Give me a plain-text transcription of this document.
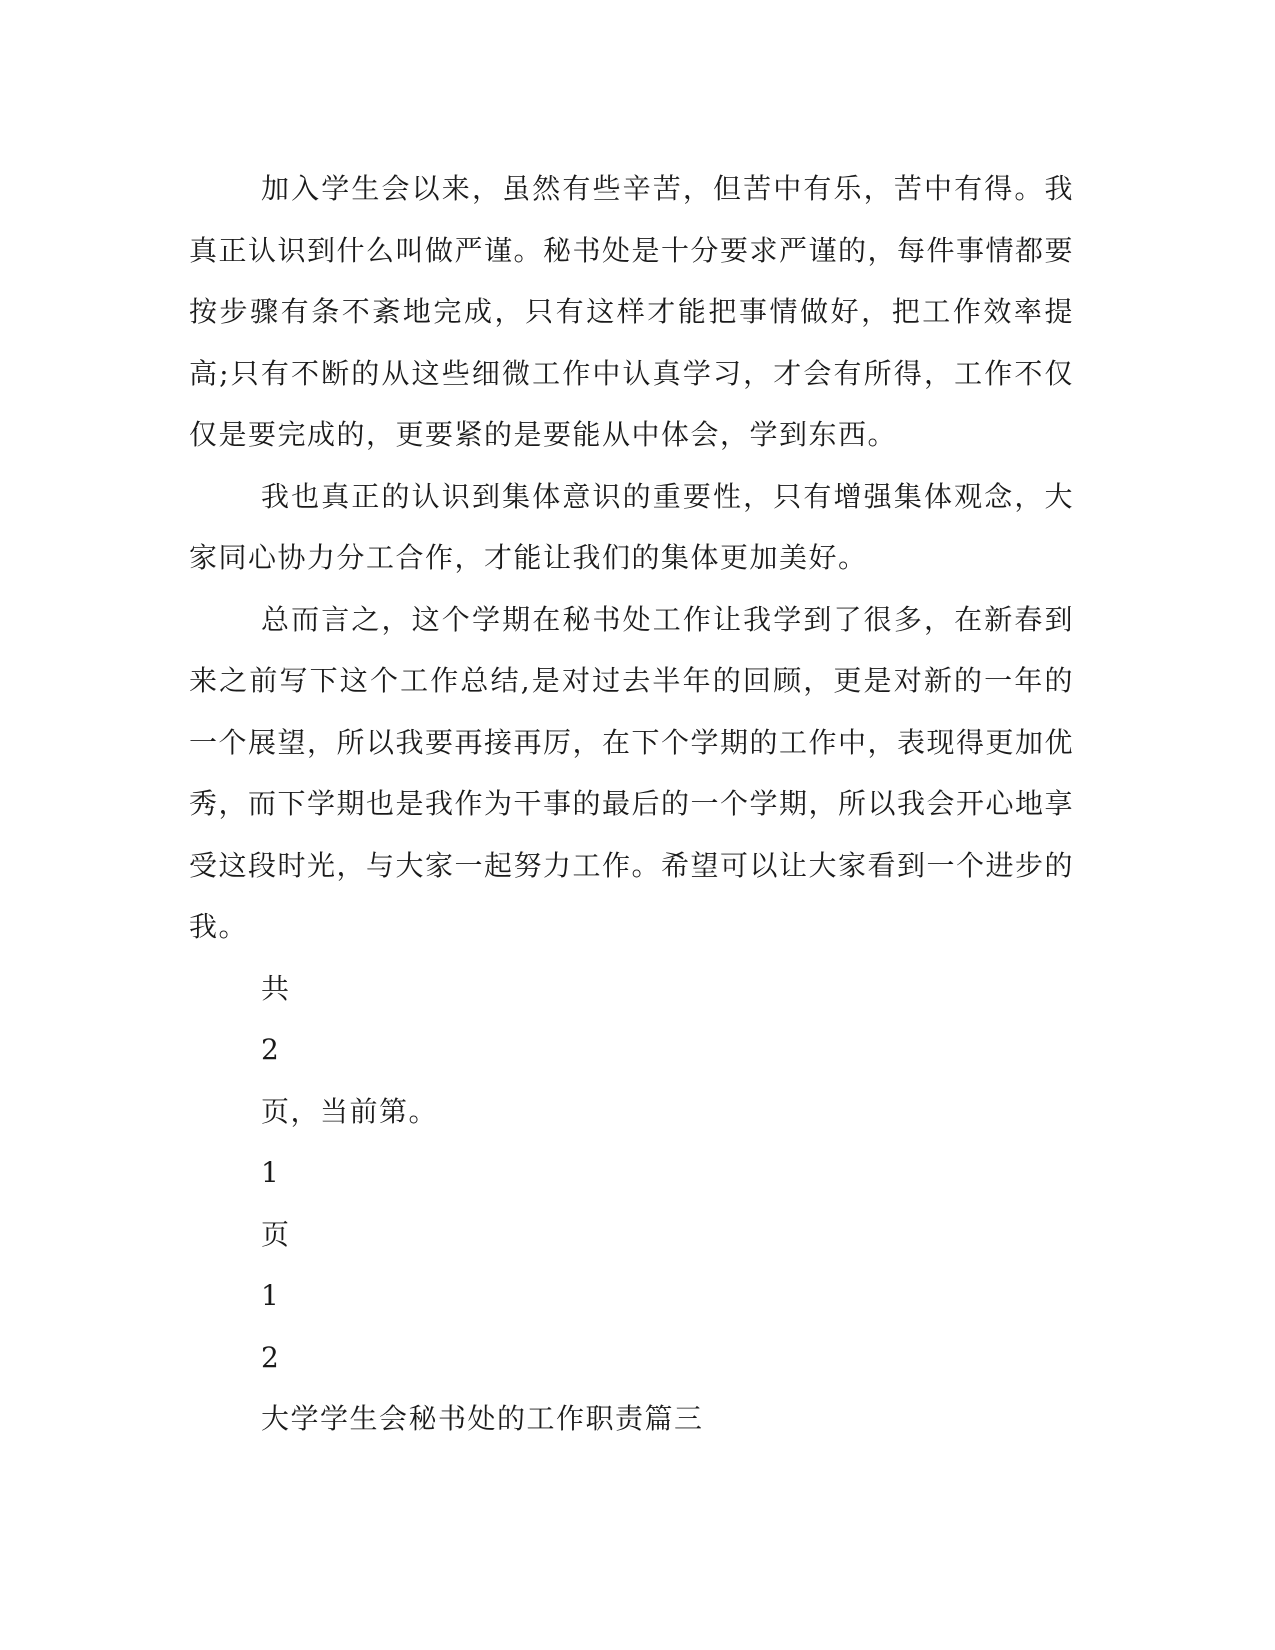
加入学生会以来，虽然有些辛苦，但苦中有乐，苦中有得。我真正认识到什么叫做严谨。秘书处是十分要求严谨的，每件事情都要按步骤有条不紊地完成，只有这样才能把事情做好，把工作效率提高;只有不断的从这些细微工作中认真学习，才会有所得，工作不仅仅是要完成的，更要紧的是要能从中体会，学到东西。

我也真正的认识到集体意识的重要性，只有增强集体观念，大家同心协力分工合作，才能让我们的集体更加美好。

总而言之，这个学期在秘书处工作让我学到了很多，在新春到来之前写下这个工作总结,是对过去半年的回顾，更是对新的一年的一个展望，所以我要再接再厉，在下个学期的工作中，表现得更加优秀，而下学期也是我作为干事的最后的一个学期，所以我会开心地享受这段时光，与大家一起努力工作。希望可以让大家看到一个进步的我。

共

2

页，当前第。

1

页

1

2

大学学生会秘书处的工作职责篇三
